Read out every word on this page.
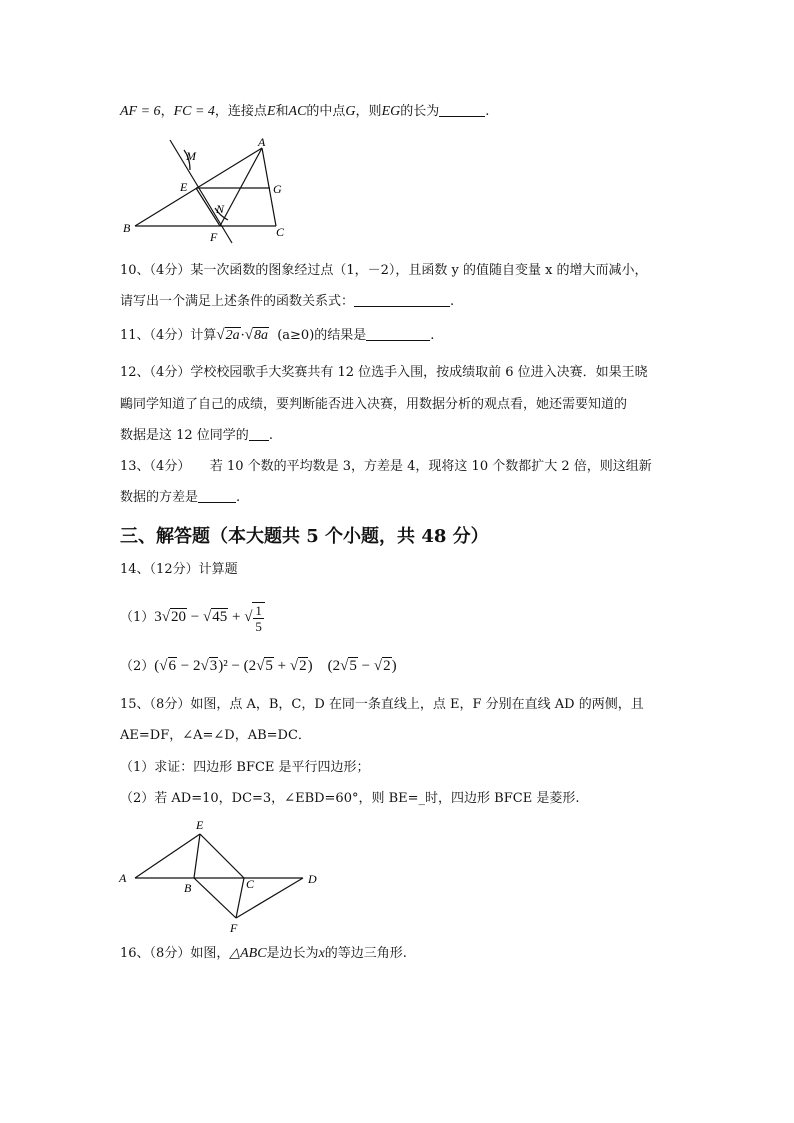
AF = 6，FC = 4，连接点E和AC的中点G，则EG的长为	.
A
M
E	G
N
B
F	C
10、（4分）某一次函数的图象经过点（1，－2），且函数 y 的值随自变量 x 的增大而减小，
请写出一个满足上述条件的函数关系式：	.
11、（4分）计算√2a·√8a (a≥0)的结果是	.
12、（4分）学校校园歌手大奖赛共有 12 位选手入围，按成绩取前 6 位进入决赛．如果王晓
鷗同学知道了自己的成绩，要判断能否进入决赛，用数据分析的观点看，她还需要知道的
数据是这 12 位同学的 .
13、（4分）　　若 10 个数的平均数是 3，方差是 4，现将这 10 个数都扩大 2 倍，则这组新
数据的方差是	.
三、解答题（本大题共 5 个小题，共 48 分）
14、（12分）计算题
（1）3√20 − √45 + √ $\frac{1}{5}$
（2）(√6 − 2√3)² − (2√5 + √2)　(2√5 − √2)
15、（8分）如图，点 A，B，C，D 在同一条直线上，点 E，F 分别在直线 AD 的两侧，且
AE=DF，∠A=∠D，AB=DC．
（1）求证：四边形 BFCE 是平行四边形；
（2）若 AD=10，DC=3，∠EBD=60°，则 BE=_时，四边形 BFCE 是菱形.
E
A
B	C	D
F
16、（8分）如图，△ABC是边长为x的等边三角形.
